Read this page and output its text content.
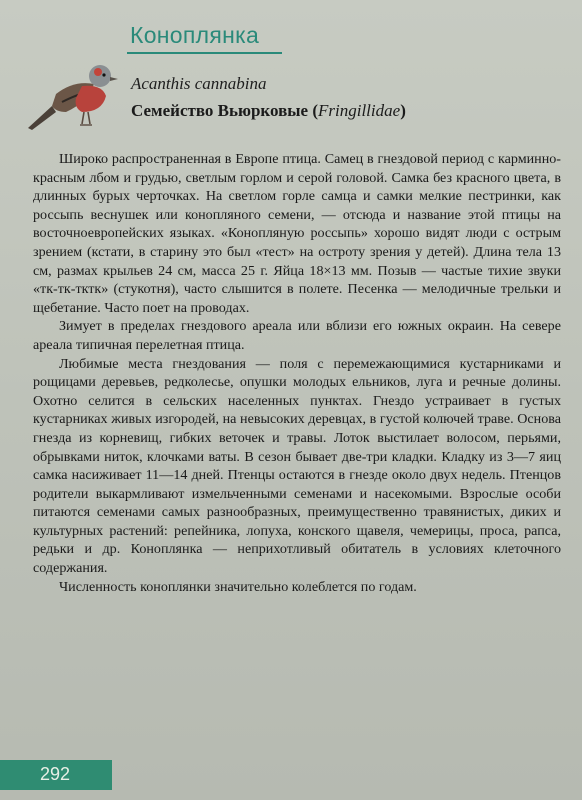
Коноплянка
Acanthis cannabina
Семейство Вьюрковые (Fringillidae)

Широко распространенная в Европе птица. Самец в гнездовой период с карминно-красным лбом и грудью, светлым горлом и серой головой. Самка без красного цвета, в длинных бурых черточках. На светлом горле самца и самки мелкие пестринки, как россыпь веснушек или конопляного семени, — отсюда и название этой птицы на восточноевропейских языках. «Конопляную россыпь» хорошо видят люди с острым зрением (кстати, в старину это был «тест» на остроту зрения у детей). Длина тела 13 см, размах крыльев 24 см, масса 25 г. Яйца 18×13 мм. Позыв — частые тихие звуки «тк-тк-тктк» (стукотня), часто слышится в полете. Песенка — мелодичные трельки и щебетание. Часто поет на проводах.

Зимует в пределах гнездового ареала или вблизи его южных окраин. На севере ареала типичная перелетная птица.

Любимые места гнездования — поля с перемежающимися кустарниками и рощицами деревьев, редколесье, опушки молодых ельников, луга и речные долины. Охотно селится в сельских населенных пунктах. Гнездо устраивает в густых кустарниках живых изгородей, на невысоких деревцах, в густой колючей траве. Основа гнезда из корневищ, гибких веточек и травы. Лоток выстилает волосом, перьями, обрывками ниток, клочками ваты. В сезон бывает две-три кладки. Кладку из 3—7 яиц самка насиживает 11—14 дней. Птенцы остаются в гнезде около двух недель. Птенцов родители выкармливают измельченными семенами и насекомыми. Взрослые особи питаются семенами самых разнообразных, преимущественно травянистых, диких и культурных растений: репейника, лопуха, конского щавеля, чемерицы, проса, рапса, редьки и др. Коноплянка — неприхотливый обитатель в условиях клеточного содержания.

Численность коноплянки значительно колеблется по годам.

292
